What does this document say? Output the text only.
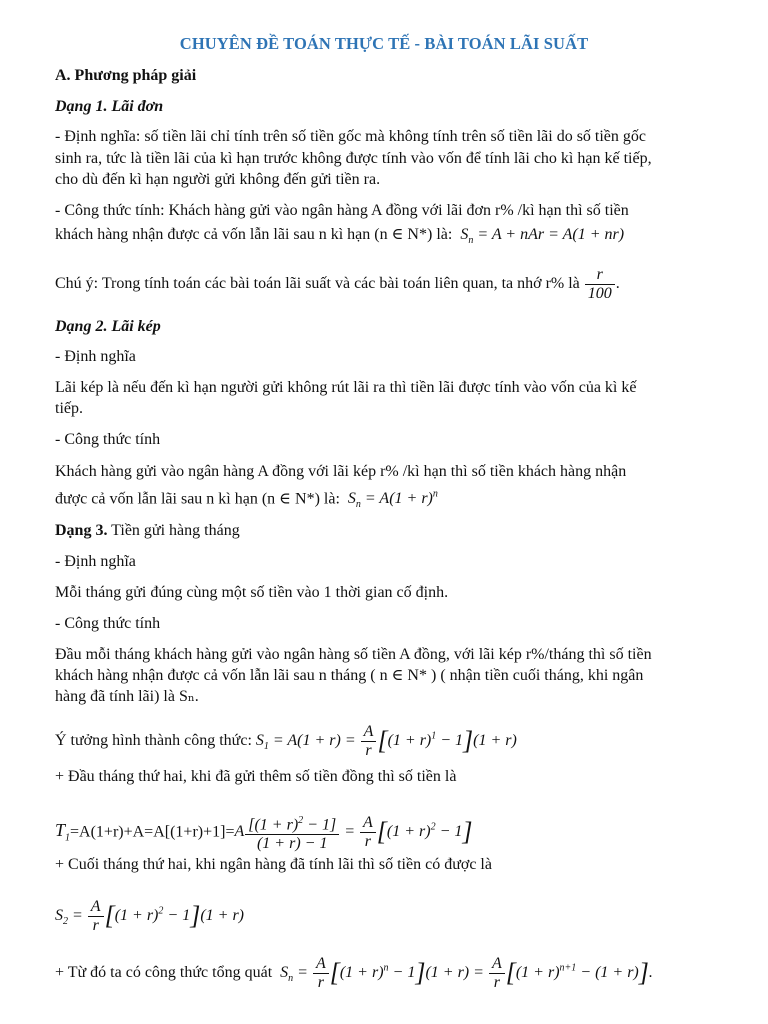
CHUYÊN ĐỀ TOÁN THỰC TẾ - BÀI TOÁN LÃI SUẤT
A. Phương pháp giải
Dạng 1. Lãi đơn
- Định nghĩa: số tiền lãi chỉ tính trên số tiền gốc mà không tính trên số tiền lãi do số tiền gốc
sinh ra, tức là tiền lãi của kì hạn trước không được tính vào vốn để tính lãi cho kì hạn kế tiếp,
cho dù đến kì hạn người gửi không đến gửi tiền ra.
- Công thức tính: Khách hàng gửi vào ngân hàng A đồng với lãi đơn r% /kì hạn thì số tiền
khách hàng nhận được cả vốn lẫn lãi sau n kì hạn (n ∈ N*) là:  $S_n = A$ + nAr = A(1 + nr)
Chú ý: Trong tính toán các bài toán lãi suất và các bài toán liên quan, ta nhớ r% là $\frac{r}{100}$ .
Dạng 2. Lãi kép
- Định nghĩa
Lãi kép là nếu đến kì hạn người gửi không rút lãi ra thì tiền lãi được tính vào vốn của kì kế
tiếp.
- Công thức tính
Khách hàng gửi vào ngân hàng A đồng với lãi kép r% /kì hạn thì số tiền khách hàng nhận
được cả vốn lẫn lãi sau n kì hạn (n ∈ N*) là:  $S_n = A(1 + r)^n$
Dạng 3. Tiền gửi hàng tháng
- Định nghĩa
Mỗi tháng gửi đúng cùng một số tiền vào 1 thời gian cố định.
- Công thức tính
Đầu mỗi tháng khách hàng gửi vào ngân hàng số tiền A đồng, với lãi kép r%/tháng thì số tiền
khách hàng nhận được cả vốn lẫn lãi sau n tháng ( n ∈ N* ) ( nhận tiền cuối tháng, khi ngân
hàng đã tính lãi) là Sₙ.
Ý tưởng hình thành công thức: $S_1 = A(1 + r) = \frac{A}{r} [(1 + r)^1 - 1](1 + r)$
+ Đầu tháng thứ hai, khi đã gửi thêm số tiền đồng thì số tiền là
$T_1=A(1+r)+A=A[(1+r)+1]=A \frac{[(1 + r)^2 - 1]}{(1 + r) - 1} = \frac{A}{r} [(1 + r)^2 - 1]$
+ Cuối tháng thứ hai, khi ngân hàng đã tính lãi thì số tiền có được là
$S_2 = \frac{A}{r} [(1 + r)^2 - 1](1 + r)$
+ Từ đó ta có công thức tổng quát  $S_n = \frac{A}{r} [(1 + r)^n - 1](1 + r) = \frac{A}{r} [(1 + r)^{n+1} - (1 + r)]$.
